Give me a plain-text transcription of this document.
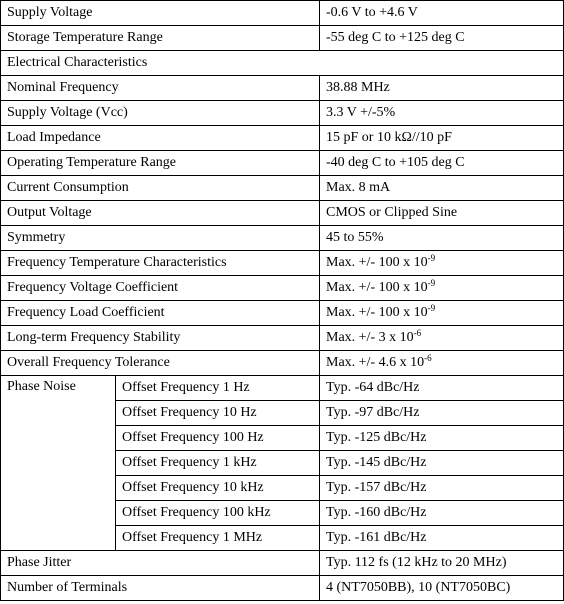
Supply Voltage		-0.6 V to +4.6 V
Storage Temperature Range		-55 deg C to +125 deg C
Electrical Characteristics		
Nominal Frequency		38.88 MHz
Supply Voltage (Vcc)		3.3 V +/-5%
Load Impedance		15 pF or 10 kΩ//10 pF
Operating Temperature Range		-40 deg C to +105 deg C
Current Consumption		Max. 8 mA
Output Voltage		CMOS or Clipped Sine
Symmetry		45 to 55%
Frequency Temperature Characteristics		Max. +/- 100 x $10^{-9}$
Frequency Voltage Coefficient		Max. +/- 100 x $10^{-9}$
Frequency Load Coefficient		Max. +/- 100 x $10^{-9}$
Long-term Frequency Stability		Max. +/- 3 x $10^{-6}$
Overall Frequency Tolerance		Max. +/- 4.6 x $10^{-6}$
Phase Noise	Offset Frequency 1 Hz	Typ. -64 dBc/Hz
	Offset Frequency 10 Hz	Typ. -97 dBc/Hz
	Offset Frequency 100 Hz	Typ. -125 dBc/Hz
	Offset Frequency 1 kHz	Typ. -145 dBc/Hz
	Offset Frequency 10 kHz	Typ. -157 dBc/Hz
	Offset Frequency 100 kHz	Typ. -160 dBc/Hz
	Offset Frequency 1 MHz	Typ. -161 dBc/Hz
Phase Jitter		Typ. 112 fs (12 kHz to 20 MHz)
Number of Terminals		4 (NT7050BB), 10 (NT7050BC)
